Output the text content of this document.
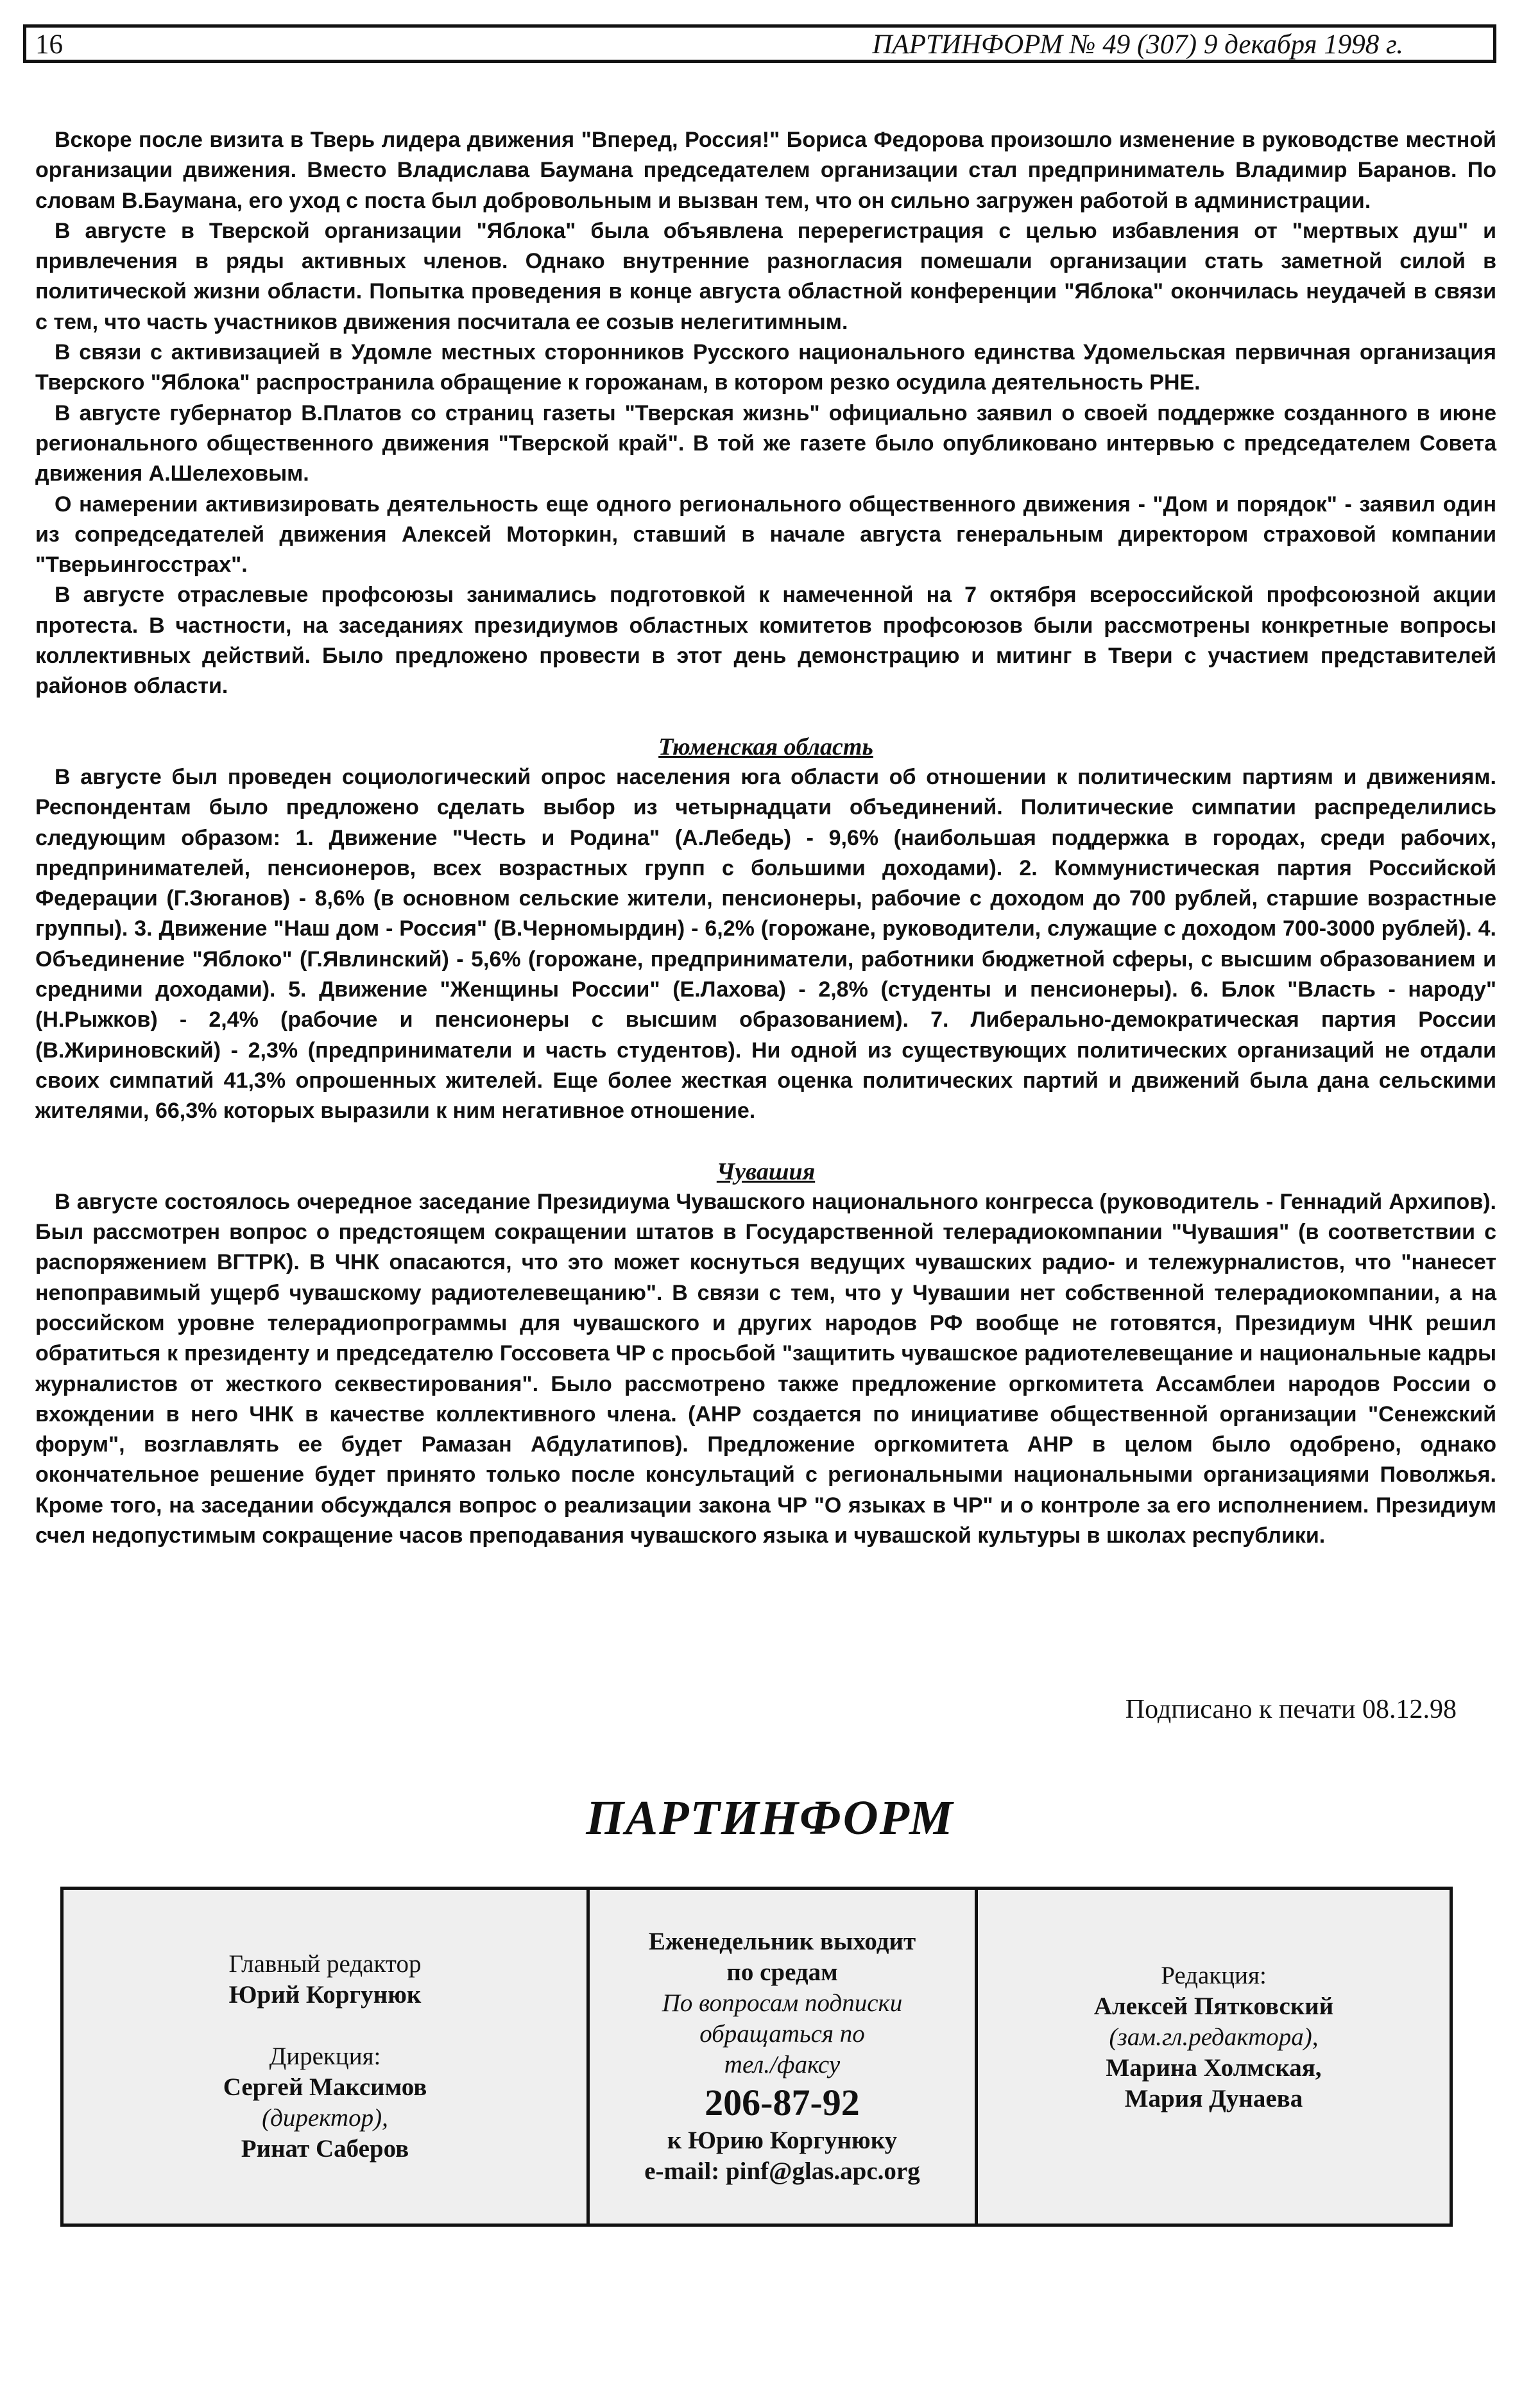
16	ПАРТИНФОРМ № 49 (307) 9 декабря 1998 г.

Вскоре после визита в Тверь лидера движения "Вперед, Россия!" Бориса Федорова произошло изменение в руководстве местной организации движения. Вместо Владислава Баумана председателем организации стал предприниматель Владимир Баранов. По словам В.Баумана, его уход с поста был добровольным и вызван тем, что он сильно загружен работой в администрации.

В августе в Тверской организации "Яблока" была объявлена перерегистрация с целью избавления от "мертвых душ" и привлечения в ряды активных членов. Однако внутренние разногласия помешали организации стать заметной силой в политической жизни области. Попытка проведения в конце августа областной конференции "Яблока" окончилась неудачей в связи с тем, что часть участников движения посчитала ее созыв нелегитимным.

В связи с активизацией в Удомле местных сторонников Русского национального единства Удомельская первичная организация Тверского "Яблока" распространила обращение к горожанам, в котором резко осудила деятельность РНЕ.

В августе губернатор В.Платов со страниц газеты "Тверская жизнь" официально заявил о своей поддержке созданного в июне регионального общественного движения "Тверской край". В той же газете было опубликовано интервью с председателем Совета движения А.Шелеховым.

О намерении активизировать деятельность еще одного регионального общественного движения - "Дом и порядок" - заявил один из сопредседателей движения Алексей Моторкин, ставший в начале августа генеральным директором страховой компании "Тверьингосстрах".

В августе отраслевые профсоюзы занимались подготовкой к намеченной на 7 октября всероссийской профсоюзной акции протеста. В частности, на заседаниях президиумов областных комитетов профсоюзов были рассмотрены конкретные вопросы коллективных действий. Было предложено провести в этот день демонстрацию и митинг в Твери с участием представителей районов области.

Тюменская область

В августе был проведен социологический опрос населения юга области об отношении к политическим партиям и движениям. Респондентам было предложено сделать выбор из четырнадцати объединений. Политические симпатии распределились следующим образом: 1. Движение "Честь и Родина" (А.Лебедь) - 9,6% (наибольшая поддержка в городах, среди рабочих, предпринимателей, пенсионеров, всех возрастных групп с большими доходами). 2. Коммунистическая партия Российской Федерации (Г.Зюганов) - 8,6% (в основном сельские жители, пенсионеры, рабочие с доходом до 700 рублей, старшие возрастные группы). 3. Движение "Наш дом - Россия" (В.Черномырдин) - 6,2% (горожане, руководители, служащие с доходом 700-3000 рублей). 4. Объединение "Яблоко" (Г.Явлинский) - 5,6% (горожане, предприниматели, работники бюджетной сферы, с высшим образованием и средними доходами). 5. Движение "Женщины России" (Е.Лахова) - 2,8% (студенты и пенсионеры). 6. Блок "Власть - народу" (Н.Рыжков) - 2,4% (рабочие и пенсионеры с высшим образованием). 7. Либерально-демократическая партия России (В.Жириновский) - 2,3% (предприниматели и часть студентов). Ни одной из существующих политических организаций не отдали своих симпатий 41,3% опрошенных жителей. Еще более жесткая оценка политических партий и движений была дана сельскими жителями, 66,3% которых выразили к ним негативное отношение.

Чувашия

В августе состоялось очередное заседание Президиума Чувашского национального конгресса (руководитель - Геннадий Архипов). Был рассмотрен вопрос о предстоящем сокращении штатов в Государственной телерадиокомпании "Чувашия" (в соответствии с распоряжением ВГТРК). В ЧНК опасаются, что это может коснуться ведущих чувашских радио- и тележурналистов, что "нанесет непоправимый ущерб чувашскому радиотелевещанию". В связи с тем, что у Чувашии нет собственной телерадиокомпании, а на российском уровне телерадиопрограммы для чувашского и других народов РФ вообще не готовятся, Президиум ЧНК решил обратиться к президенту и председателю Госсовета ЧР с просьбой "защитить чувашское радиотелевещание и национальные кадры журналистов от жесткого секвестирования". Было рассмотрено также предложение оргкомитета Ассамблеи народов России о вхождении в него ЧНК в качестве коллективного члена. (АНР создается по инициативе общественной организации "Сенежский форум", возглавлять ее будет Рамазан Абдулатипов). Предложение оргкомитета АНР в целом было одобрено, однако окончательное решение будет принято только после консультаций с региональными национальными организациями Поволжья. Кроме того, на заседании обсуждался вопрос о реализации закона ЧР "О языках в ЧР" и о контроле за его исполнением. Президиум счел недопустимым сокращение часов преподавания чувашского языка и чувашской культуры в школах республики.

Подписано к печати 08.12.98
ПАРТИНФОРМ
Главный редактор
Юрий Коргунюк
Дирекция:
Сергей Максимов
(директор),
Ринат Саберов
Еженедельник выходит
по средам
По вопросам подписки
обращаться по
тел./факсу
206-87-92
к Юрию Коргунюку
e-mail: pinf@glas.apc.org
Редакция:
Алексей Пятковский
(зам.гл.редактора),
Марина Холмская,
Мария Дунаева
